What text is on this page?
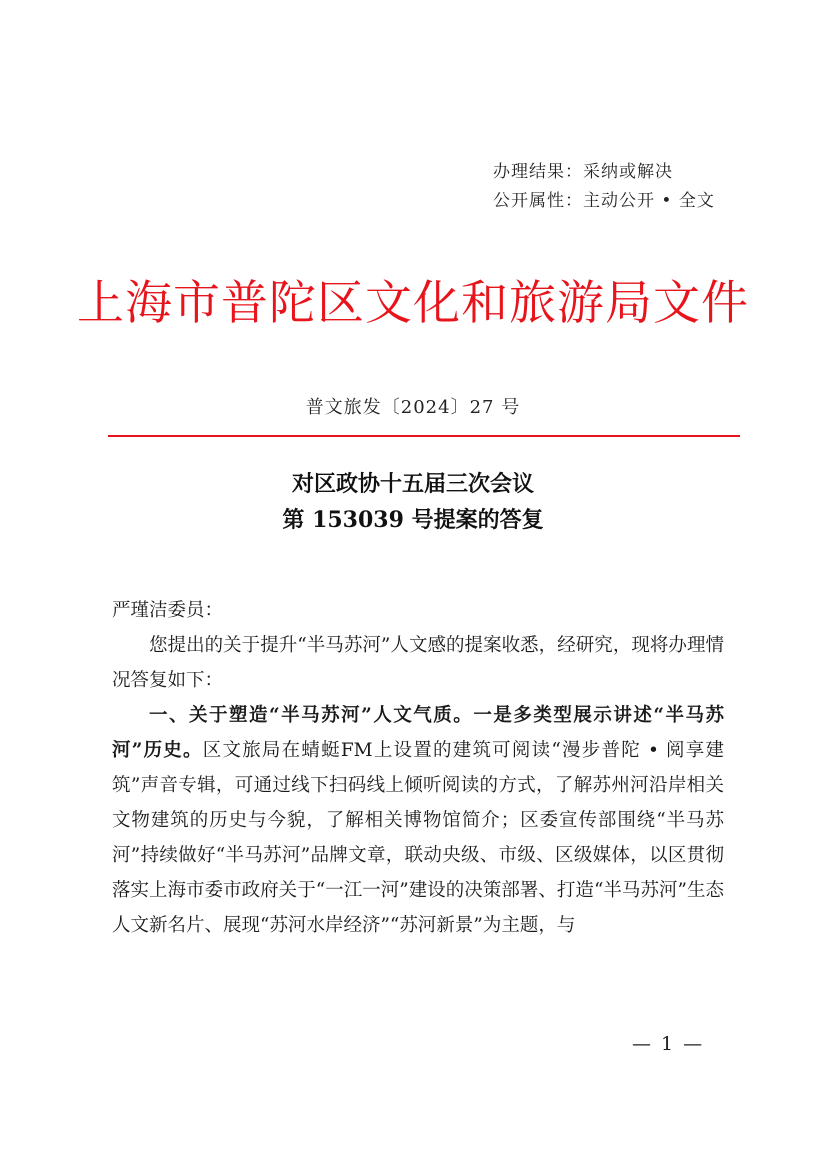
办理结果：采纳或解决
公开属性：主动公开 • 全文
上海市普陀区文化和旅游局文件
普文旅发〔2024〕27 号
对区政协十五届三次会议
第 153039 号提案的答复

严瑾洁委员：

您提出的关于提升“半马苏河”人文感的提案收悉，经研究，现将办理情况答复如下：

一、关于塑造“半马苏河”人文气质。一是多类型展示讲述“半马苏河”历史。区文旅局在蜻蜓FM上设置的建筑可阅读“漫步普陀 • 阅享建筑”声音专辑，可通过线下扫码线上倾听阅读的方式，了解苏州河沿岸相关文物建筑的历史与今貌，了解相关博物馆简介；区委宣传部围绕“半马苏河”持续做好“半马苏河”品牌文章，联动央级、市级、区级媒体，以区贯彻落实上海市委市政府关于“一江一河”建设的决策部署、打造“半马苏河”生态人文新名片、展现“苏河水岸经济”“苏河新景”为主题，与

— 1 —
